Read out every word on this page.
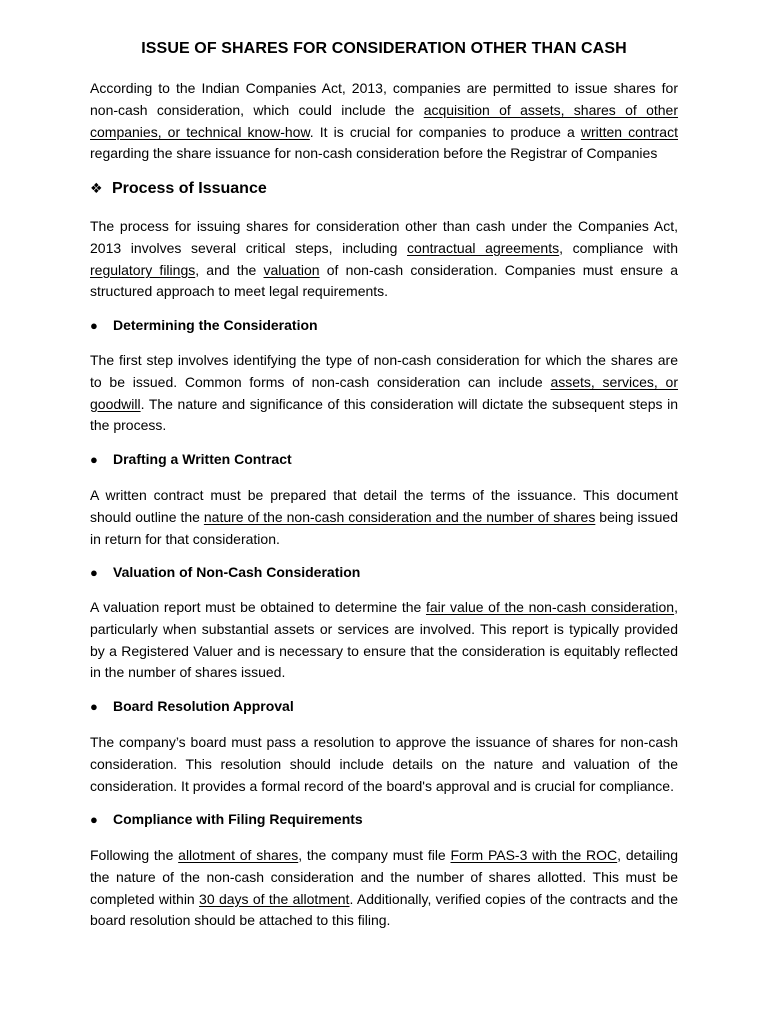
ISSUE OF SHARES FOR CONSIDERATION OTHER THAN CASH

According to the Indian Companies Act, 2013, companies are permitted to issue shares for non-cash consideration, which could include the acquisition of assets, shares of other companies, or technical know-how. It is crucial for companies to produce a written contract regarding the share issuance for non-cash consideration before the Registrar of Companies

❖ Process of Issuance

The process for issuing shares for consideration other than cash under the Companies Act, 2013 involves several critical steps, including contractual agreements, compliance with regulatory filings, and the valuation of non-cash consideration. Companies must ensure a structured approach to meet legal requirements.

● Determining the Consideration

The first step involves identifying the type of non-cash consideration for which the shares are to be issued. Common forms of non-cash consideration can include assets, services, or goodwill. The nature and significance of this consideration will dictate the subsequent steps in the process.

● Drafting a Written Contract

A written contract must be prepared that detail the terms of the issuance. This document should outline the nature of the non-cash consideration and the number of shares being issued in return for that consideration.

● Valuation of Non-Cash Consideration

A valuation report must be obtained to determine the fair value of the non-cash consideration, particularly when substantial assets or services are involved. This report is typically provided by a Registered Valuer and is necessary to ensure that the consideration is equitably reflected in the number of shares issued.

● Board Resolution Approval

The company’s board must pass a resolution to approve the issuance of shares for non-cash consideration. This resolution should include details on the nature and valuation of the consideration. It provides a formal record of the board's approval and is crucial for compliance.

● Compliance with Filing Requirements

Following the allotment of shares, the company must file Form PAS-3 with the ROC, detailing the nature of the non-cash consideration and the number of shares allotted. This must be completed within 30 days of the allotment. Additionally, verified copies of the contracts and the board resolution should be attached to this filing.
